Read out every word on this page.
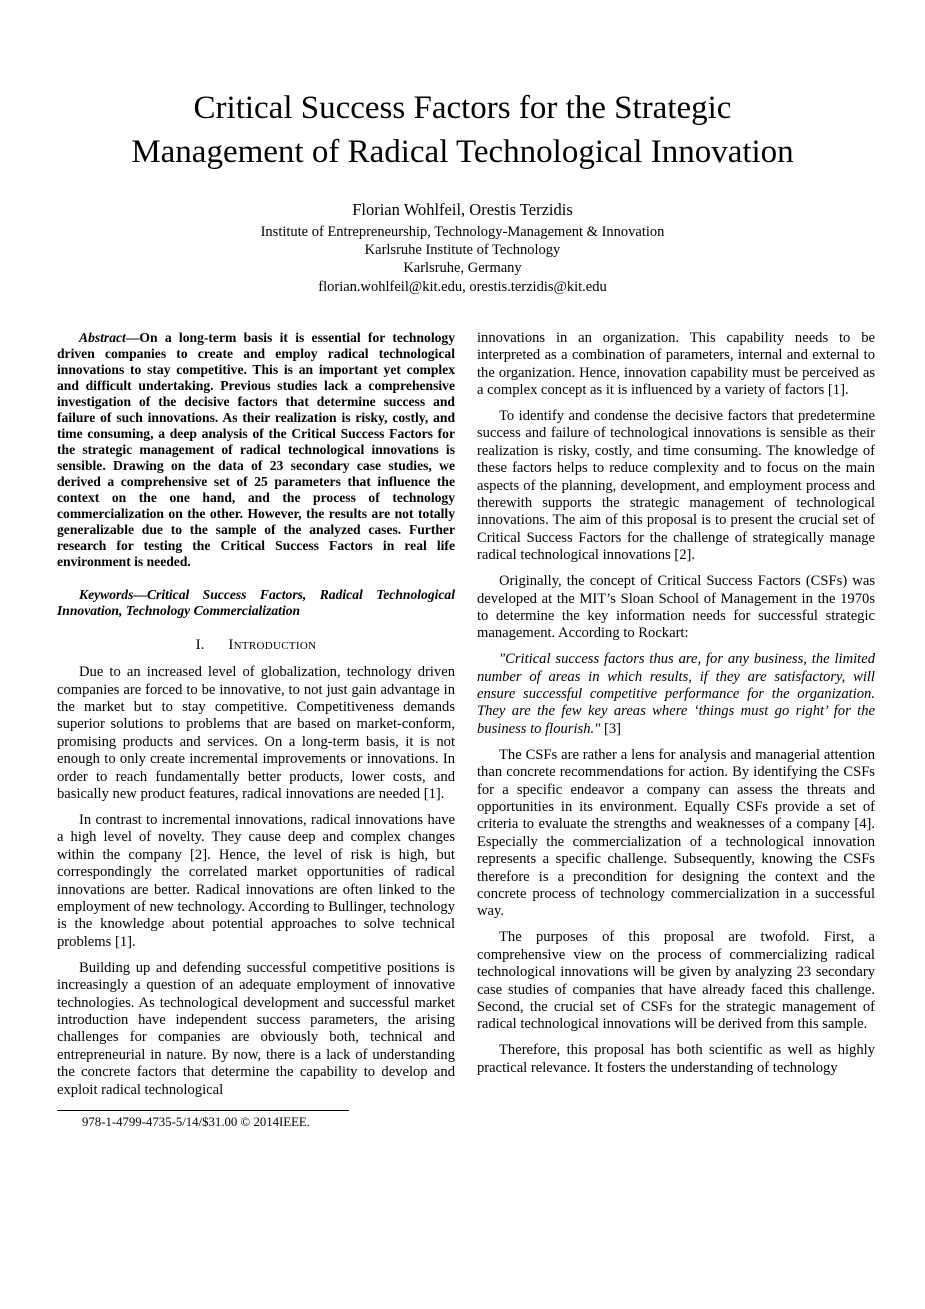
Critical Success Factors for the Strategic
Management of Radical Technological Innovation
Florian Wohlfeil, Orestis Terzidis
Institute of Entrepreneurship, Technology-Management & Innovation
Karlsruhe Institute of Technology
Karlsruhe, Germany
florian.wohlfeil@kit.edu, orestis.terzidis@kit.edu

Abstract—On a long-term basis it is essential for technology driven companies to create and employ radical technological innovations to stay competitive. This is an important yet complex and difficult undertaking. Previous studies lack a comprehensive investigation of the decisive factors that determine success and failure of such innovations. As their realization is risky, costly, and time consuming, a deep analysis of the Critical Success Factors for the strategic management of radical technological innovations is sensible. Drawing on the data of 23 secondary case studies, we derived a comprehensive set of 25 parameters that influence the context on the one hand, and the process of technology commercialization on the other. However, the results are not totally generalizable due to the sample of the analyzed cases. Further research for testing the Critical Success Factors in real life environment is needed.

Keywords—Critical Success Factors, Radical Technological Innovation, Technology Commercialization

I. Introduction

Due to an increased level of globalization, technology driven companies are forced to be innovative, to not just gain advantage in the market but to stay competitive. Competitiveness demands superior solutions to problems that are based on market-conform, promising products and services. On a long-term basis, it is not enough to only create incremental improvements or innovations. In order to reach fundamentally better products, lower costs, and basically new product features, radical innovations are needed [1].

In contrast to incremental innovations, radical innovations have a high level of novelty. They cause deep and complex changes within the company [2]. Hence, the level of risk is high, but correspondingly the correlated market opportunities of radical innovations are better. Radical innovations are often linked to the employment of new technology. According to Bullinger, technology is the knowledge about potential approaches to solve technical problems [1].

Building up and defending successful competitive positions is increasingly a question of an adequate employment of innovative technologies. As technological development and successful market introduction have independent success parameters, the arising challenges for companies are obviously both, technical and entrepreneurial in nature. By now, there is a lack of understanding the concrete factors that determine the capability to develop and exploit radical technological

innovations in an organization. This capability needs to be interpreted as a combination of parameters, internal and external to the organization. Hence, innovation capability must be perceived as a complex concept as it is influenced by a variety of factors [1].

To identify and condense the decisive factors that predetermine success and failure of technological innovations is sensible as their realization is risky, costly, and time consuming. The knowledge of these factors helps to reduce complexity and to focus on the main aspects of the planning, development, and employment process and therewith supports the strategic management of technological innovations. The aim of this proposal is to present the crucial set of Critical Success Factors for the challenge of strategically manage radical technological innovations [2].

Originally, the concept of Critical Success Factors (CSFs) was developed at the MIT’s Sloan School of Management in the 1970s to determine the key information needs for successful strategic management. According to Rockart:

"Critical success factors thus are, for any business, the limited number of areas in which results, if they are satisfactory, will ensure successful competitive performance for the organization. They are the few key areas where ‘things must go right’ for the business to flourish." [3]

The CSFs are rather a lens for analysis and managerial attention than concrete recommendations for action. By identifying the CSFs for a specific endeavor a company can assess the threats and opportunities in its environment. Equally CSFs provide a set of criteria to evaluate the strengths and weaknesses of a company [4]. Especially the commercialization of a technological innovation represents a specific challenge. Subsequently, knowing the CSFs therefore is a precondition for designing the context and the concrete process of technology commercialization in a successful way.

The purposes of this proposal are twofold. First, a comprehensive view on the process of commercializing radical technological innovations will be given by analyzing 23 secondary case studies of companies that have already faced this challenge. Second, the crucial set of CSFs for the strategic management of radical technological innovations will be derived from this sample.

Therefore, this proposal has both scientific as well as highly practical relevance. It fosters the understanding of technology

978-1-4799-4735-5/14/$31.00 © 2014IEEE.
